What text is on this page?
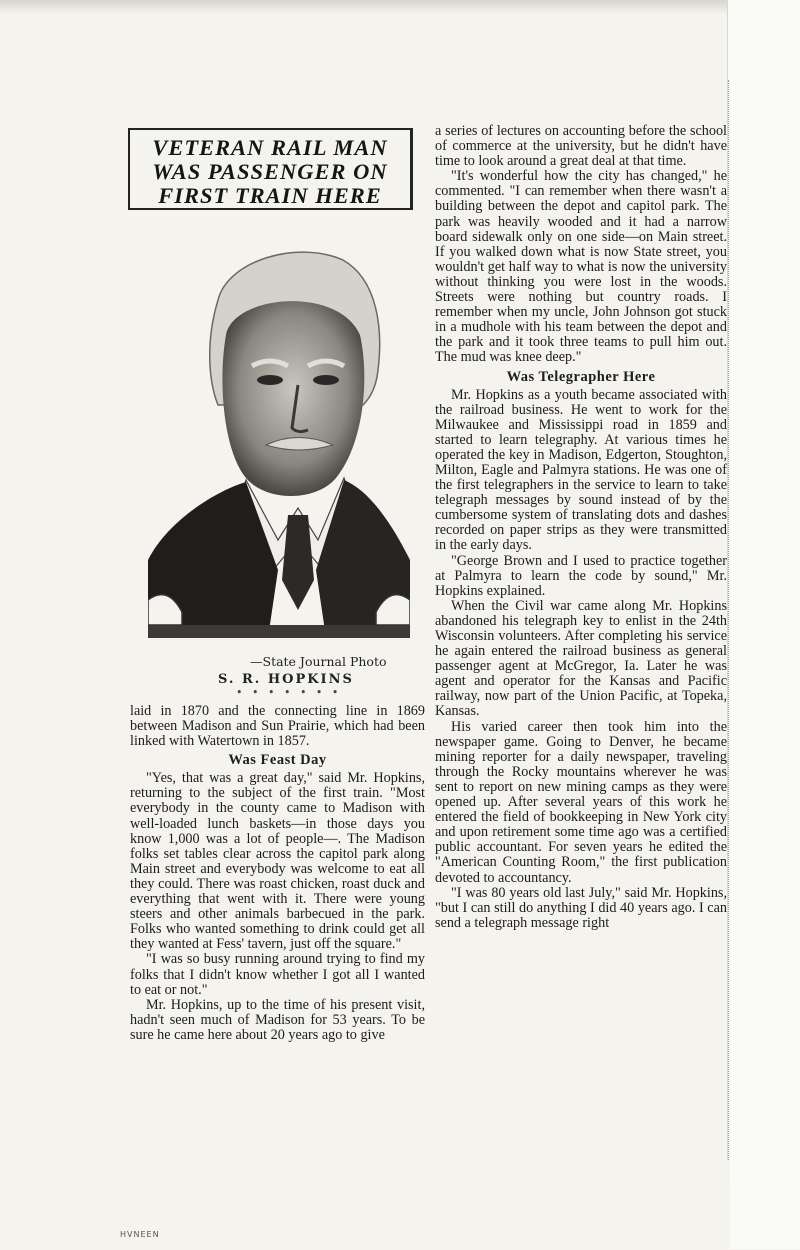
VETERAN RAIL MAN
WAS PASSENGER ON
FIRST TRAIN HERE
—State Journal Photo
S. R. HOPKINS
• • • • • • •

laid in 1870 and the connecting line in 1869 between Madison and Sun Prairie, which had been linked with Watertown in 1857.

Was Feast Day

"Yes, that was a great day," said Mr. Hopkins, returning to the subject of the first train. "Most everybody in the county came to Madison with well-loaded lunch baskets—in those days you know 1,000 was a lot of people—. The Madison folks set tables clear across the capitol park along Main street and everybody was welcome to eat all they could. There was roast chicken, roast duck and everything that went with it. There were young steers and other animals barbecued in the park. Folks who wanted something to drink could get all they wanted at Fess' tavern, just off the square."

"I was so busy running around trying to find my folks that I didn't know whether I got all I wanted to eat or not."

Mr. Hopkins, up to the time of his present visit, hadn't seen much of Madison for 53 years. To be sure he came here about 20 years ago to give

a series of lectures on accounting before the school of commerce at the university, but he didn't have time to look around a great deal at that time.

"It's wonderful how the city has changed," he commented. "I can remember when there wasn't a building between the depot and capitol park. The park was heavily wooded and it had a narrow board sidewalk only on one side—on Main street. If you walked down what is now State street, you wouldn't get half way to what is now the university without thinking you were lost in the woods. Streets were nothing but country roads. I remember when my uncle, John Johnson got stuck in a mudhole with his team between the depot and the park and it took three teams to pull him out. The mud was knee deep."

Was Telegrapher Here

Mr. Hopkins as a youth became associated with the railroad business. He went to work for the Milwaukee and Mississippi road in 1859 and started to learn telegraphy. At various times he operated the key in Madison, Edgerton, Stoughton, Milton, Eagle and Palmyra stations. He was one of the first telegraphers in the service to learn to take telegraph messages by sound instead of by the cumbersome system of translating dots and dashes recorded on paper strips as they were transmitted in the early days.

"George Brown and I used to practice together at Palmyra to learn the code by sound," Mr. Hopkins explained.

When the Civil war came along Mr. Hopkins abandoned his telegraph key to enlist in the 24th Wisconsin volunteers. After completing his service he again entered the railroad business as general passenger agent at McGregor, Ia. Later he was agent and operator for the Kansas and Pacific railway, now part of the Union Pacific, at Topeka, Kansas.

His varied career then took him into the newspaper game. Going to Denver, he became mining reporter for a daily newspaper, traveling through the Rocky mountains wherever he was sent to report on new mining camps as they were opened up. After several years of this work he entered the field of bookkeeping in New York city and upon retirement some time ago was a certified public accountant. For seven years he edited the "American Counting Room," the first publication devoted to accountancy.

"I was 80 years old last July," said Mr. Hopkins, "but I can still do anything I did 40 years ago. I can send a telegraph message right

HVNEEN
